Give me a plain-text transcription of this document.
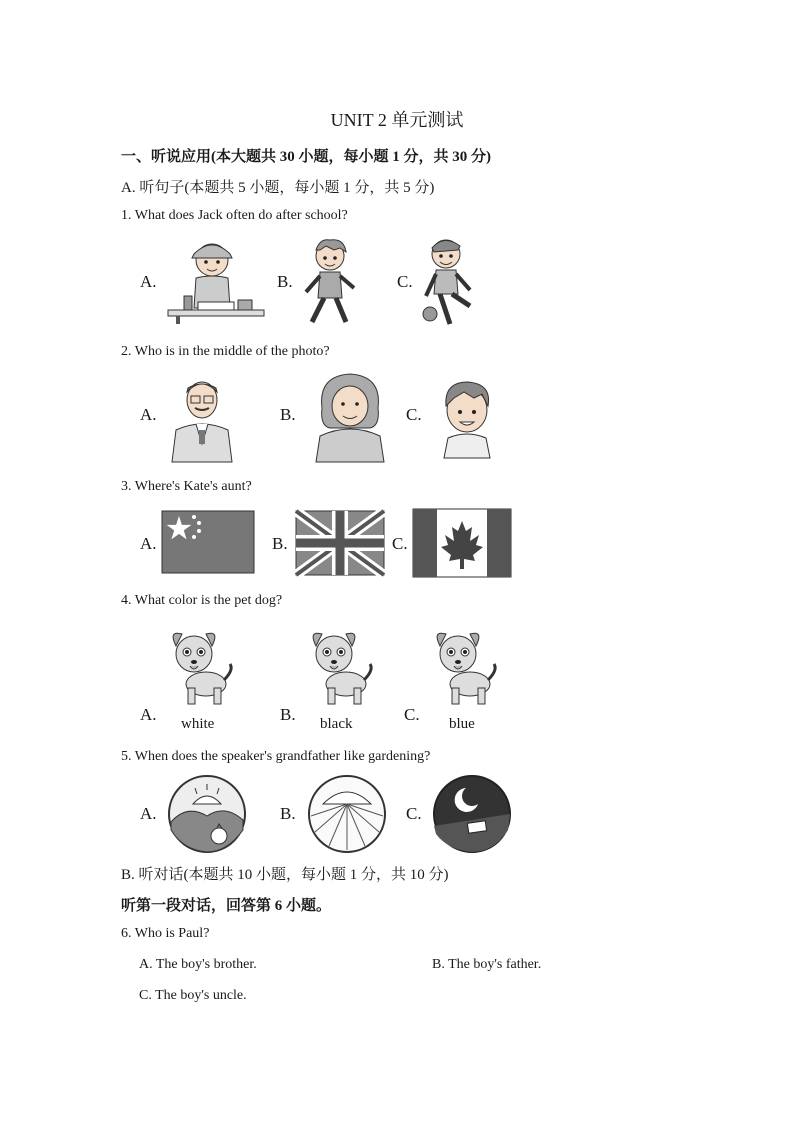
UNIT 2 单元测试
一、听说应用(本大题共 30 小题，每小题 1 分，共 30 分)
A. 听句子(本题共 5 小题，每小题 1 分，共 5 分)
1. What does Jack often do after school?
A.	B.	C.
2. Who is in the middle of the photo?
A.	B.	C.
3. Where's Kate's aunt?
A.	B.	C.
4. What color is the pet dog?
A.	B.	C.
white	black	blue
5. When does the speaker's grandfather like gardening?
A.	B.	C.
B. 听对话(本题共 10 小题，每小题 1 分，共 10 分)
听第一段对话，回答第 6 小题。
6. Who is Paul?
A. The boy's brother.	B. The boy's father.
C. The boy's uncle.
